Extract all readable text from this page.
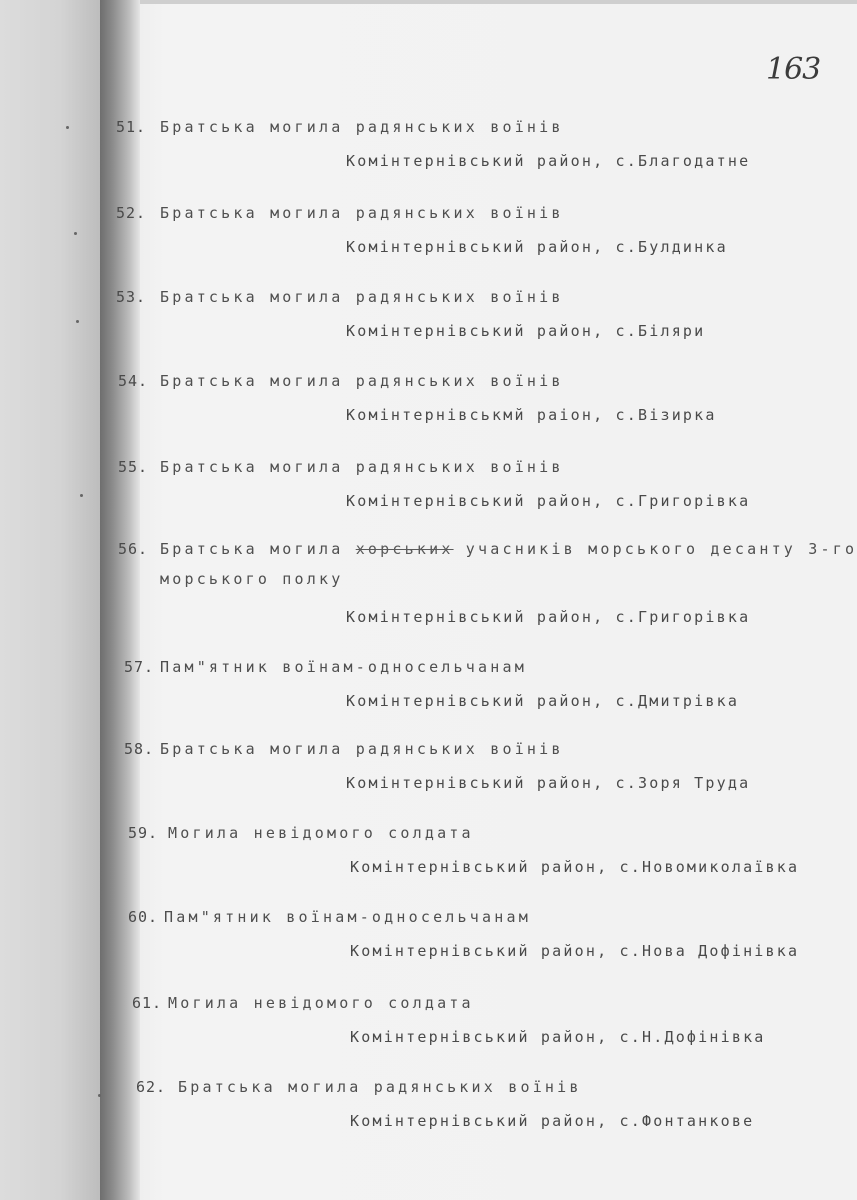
163
51. Братська могила радянських воїнів
Комінтернівський район, с.Благодатне
52. Братська могила радянських воїнів
Комінтернівський район, с.Булдинка
53. Братська могила радянських воїнів
Комінтернівський район, с.Біляри
54. Братська могила радянських воїнів
Комінтернівськмй раіон, с.Візирка
55. Братська могила радянських воїнів
Комінтернівський район, с.Григорівка
56. Братська могила xорських учасників морського десанту 3-го
морського полку
Комінтернівський район, с.Григорівка
57. Пам"ятник воїнам-односельчанам
Комінтернівський район, с.Дмитрівка
58. Братська могила радянських воїнів
Комінтернівський район, с.Зоря Труда
59. Могила невідомого солдата
Комінтернівський район, с.Новомиколаївка
60. Пам"ятник воїнам-односельчанам
Комінтернівський район, с.Нова Дофінівка
61. Могила невідомого солдата
Комінтернівський район, с.Н.Дофінівка
62. Братська могила радянських воїнів
Комінтернівський район, с.Фонтанкове
